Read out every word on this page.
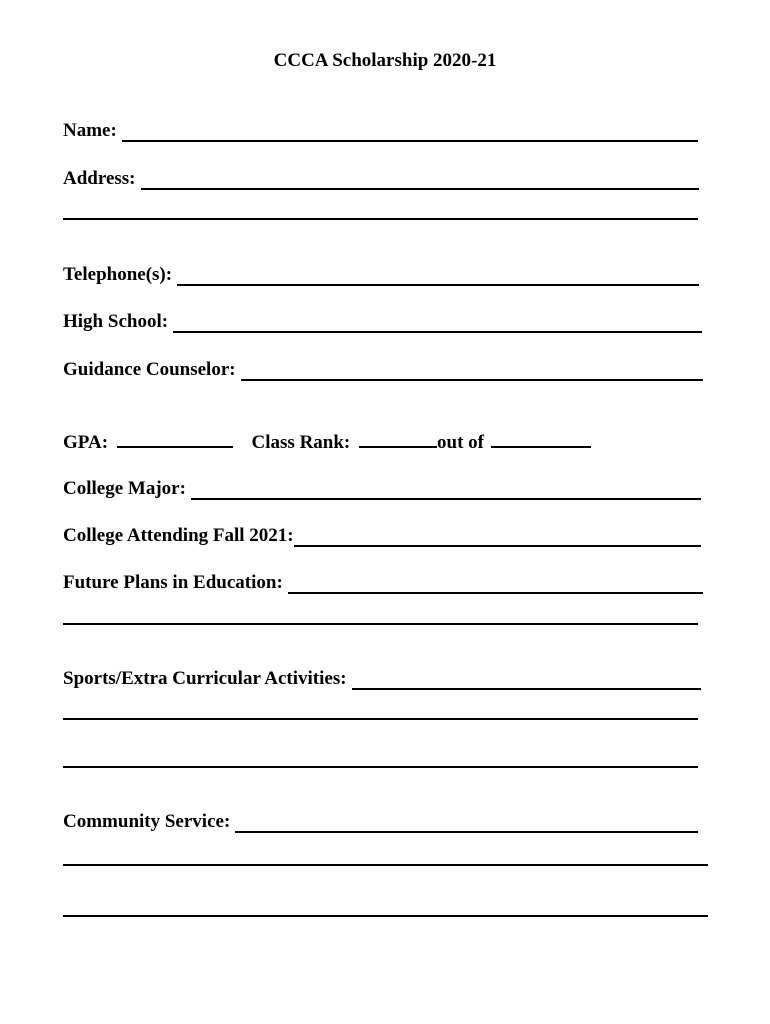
CCCA Scholarship 2020-21
Name:
Address:
Telephone(s):
High School:
Guidance Counselor:
GPA:	Class Rank:	out of
College Major:
College Attending Fall 2021:
Future Plans in Education:
Sports/Extra Curricular Activities:
Community Service:
